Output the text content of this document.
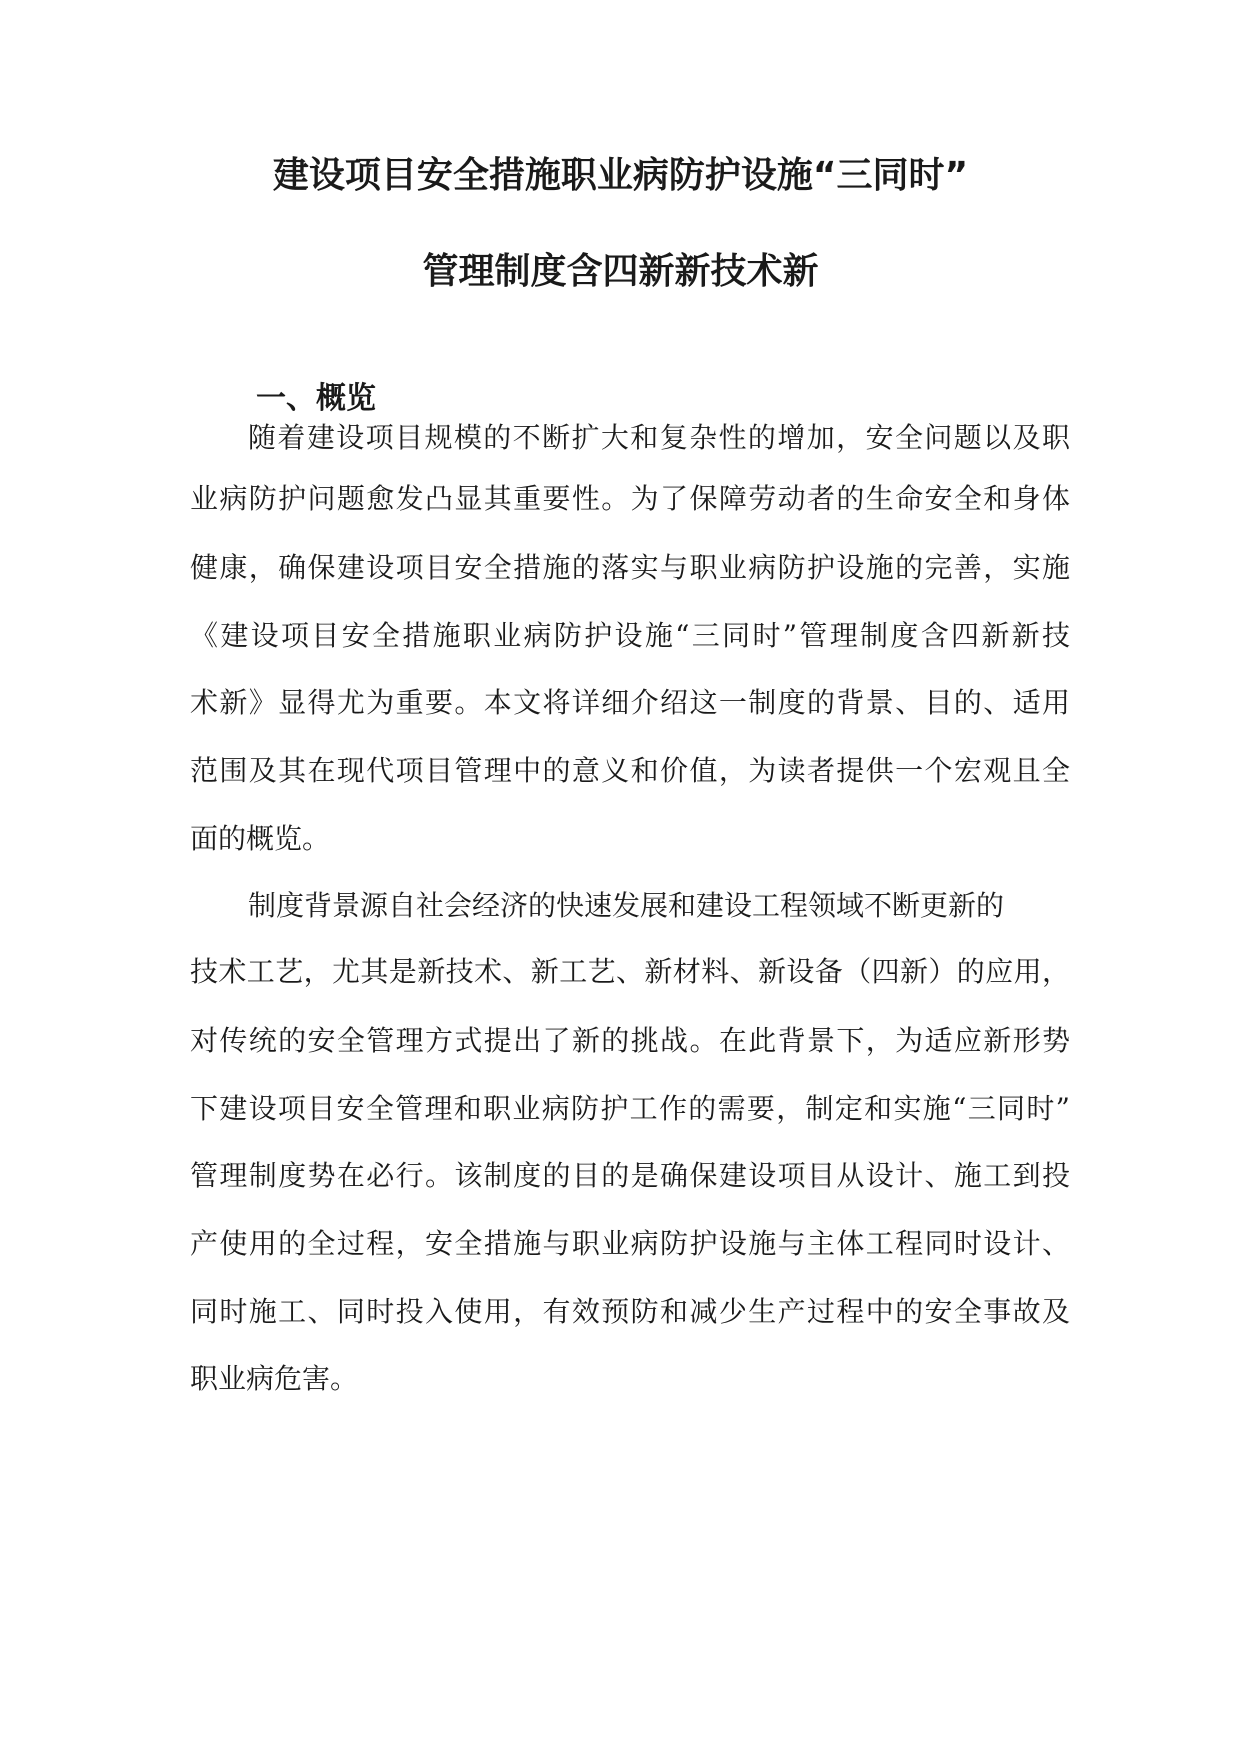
建设项目安全措施职业病防护设施“三同时”
管理制度含四新新技术新
一、概览

随着建设项目规模的不断扩大和复杂性的增加，安全问题以及职

业病防护问题愈发凸显其重要性。为了保障劳动者的生命安全和身体

健康，确保建设项目安全措施的落实与职业病防护设施的完善，实施

《建设项目安全措施职业病防护设施“三同时”管理制度含四新新技

术新》显得尤为重要。本文将详细介绍这一制度的背景、目的、适用

范围及其在现代项目管理中的意义和价值，为读者提供一个宏观且全

面的概览。

制度背景源自社会经济的快速发展和建设工程领域不断更新的

技术工艺，尤其是新技术、新工艺、新材料、新设备（四新）的应用，

对传统的安全管理方式提出了新的挑战。在此背景下，为适应新形势

下建设项目安全管理和职业病防护工作的需要，制定和实施“三同时”

管理制度势在必行。该制度的目的是确保建设项目从设计、施工到投

产使用的全过程，安全措施与职业病防护设施与主体工程同时设计、

同时施工、同时投入使用，有效预防和减少生产过程中的安全事故及

职业病危害。
